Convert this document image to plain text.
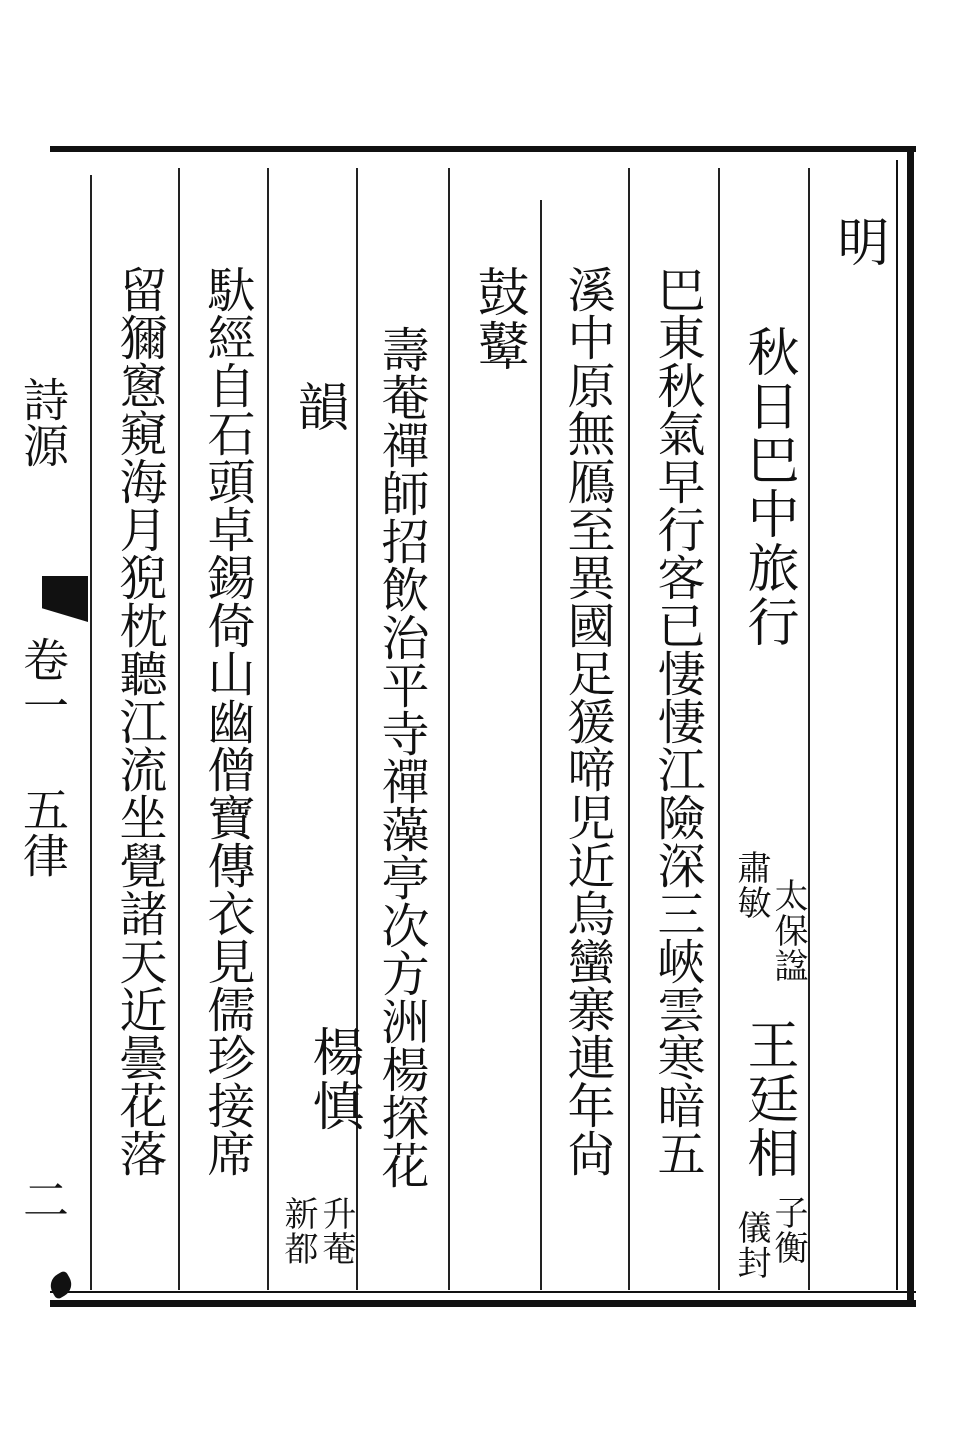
詩源
卷一
五律
二
明
秋日巴中旅行
太保諡
肅敏
王廷相
子衡
儀封
巴東秋氣早行客已悽悽江險深三峽雲寒暗五
溪中原無鴈至異國足猨啼児近烏蠻寨連年尙
鼓鼙
壽菴禪師招飲治平寺禪藻亭次方洲楊探花
韻
楊慎
升菴
新都
馱經自石頭卓錫倚山幽僧寶傳衣見儒珍接席
留獮窻窺海月猊枕聽江流坐覺諸天近曇花落
